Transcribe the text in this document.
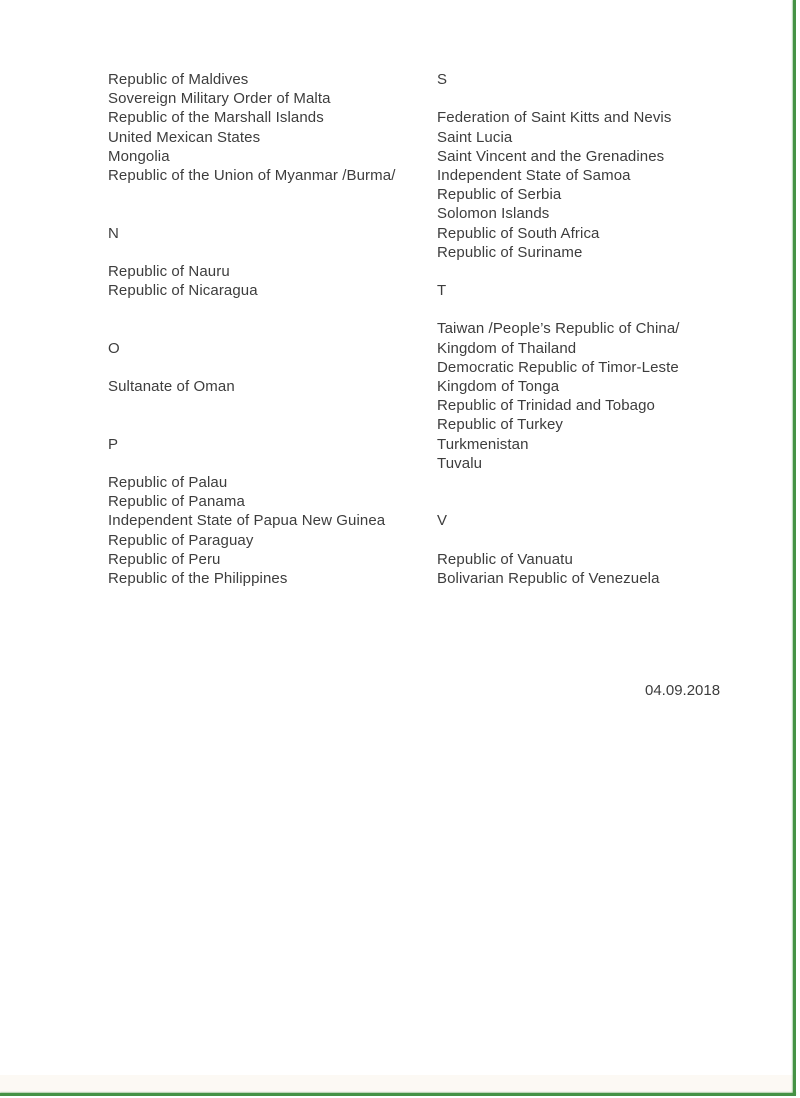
Republic of Maldives
Sovereign Military Order of Malta
Republic of the Marshall Islands
United Mexican States
Mongolia
Republic of the Union of Myanmar /Burma/
N
Republic of Nauru
Republic of Nicaragua
O
Sultanate of Oman
P
Republic of Palau
Republic of Panama
Independent State of Papua New Guinea
Republic of Paraguay
Republic of Peru
Republic of the Philippines
S
Federation of Saint Kitts and Nevis
Saint Lucia
Saint Vincent and the Grenadines
Independent State of Samoa
Republic of Serbia
Solomon Islands
Republic of South Africa
Republic of Suriname
T
Taiwan /People’s Republic of China/
Kingdom of Thailand
Democratic Republic of Timor-Leste
Kingdom of Tonga
Republic of Trinidad and Tobago
Republic of Turkey
Turkmenistan
Tuvalu
V
Republic of Vanuatu
Bolivarian Republic of Venezuela
04.09.2018
